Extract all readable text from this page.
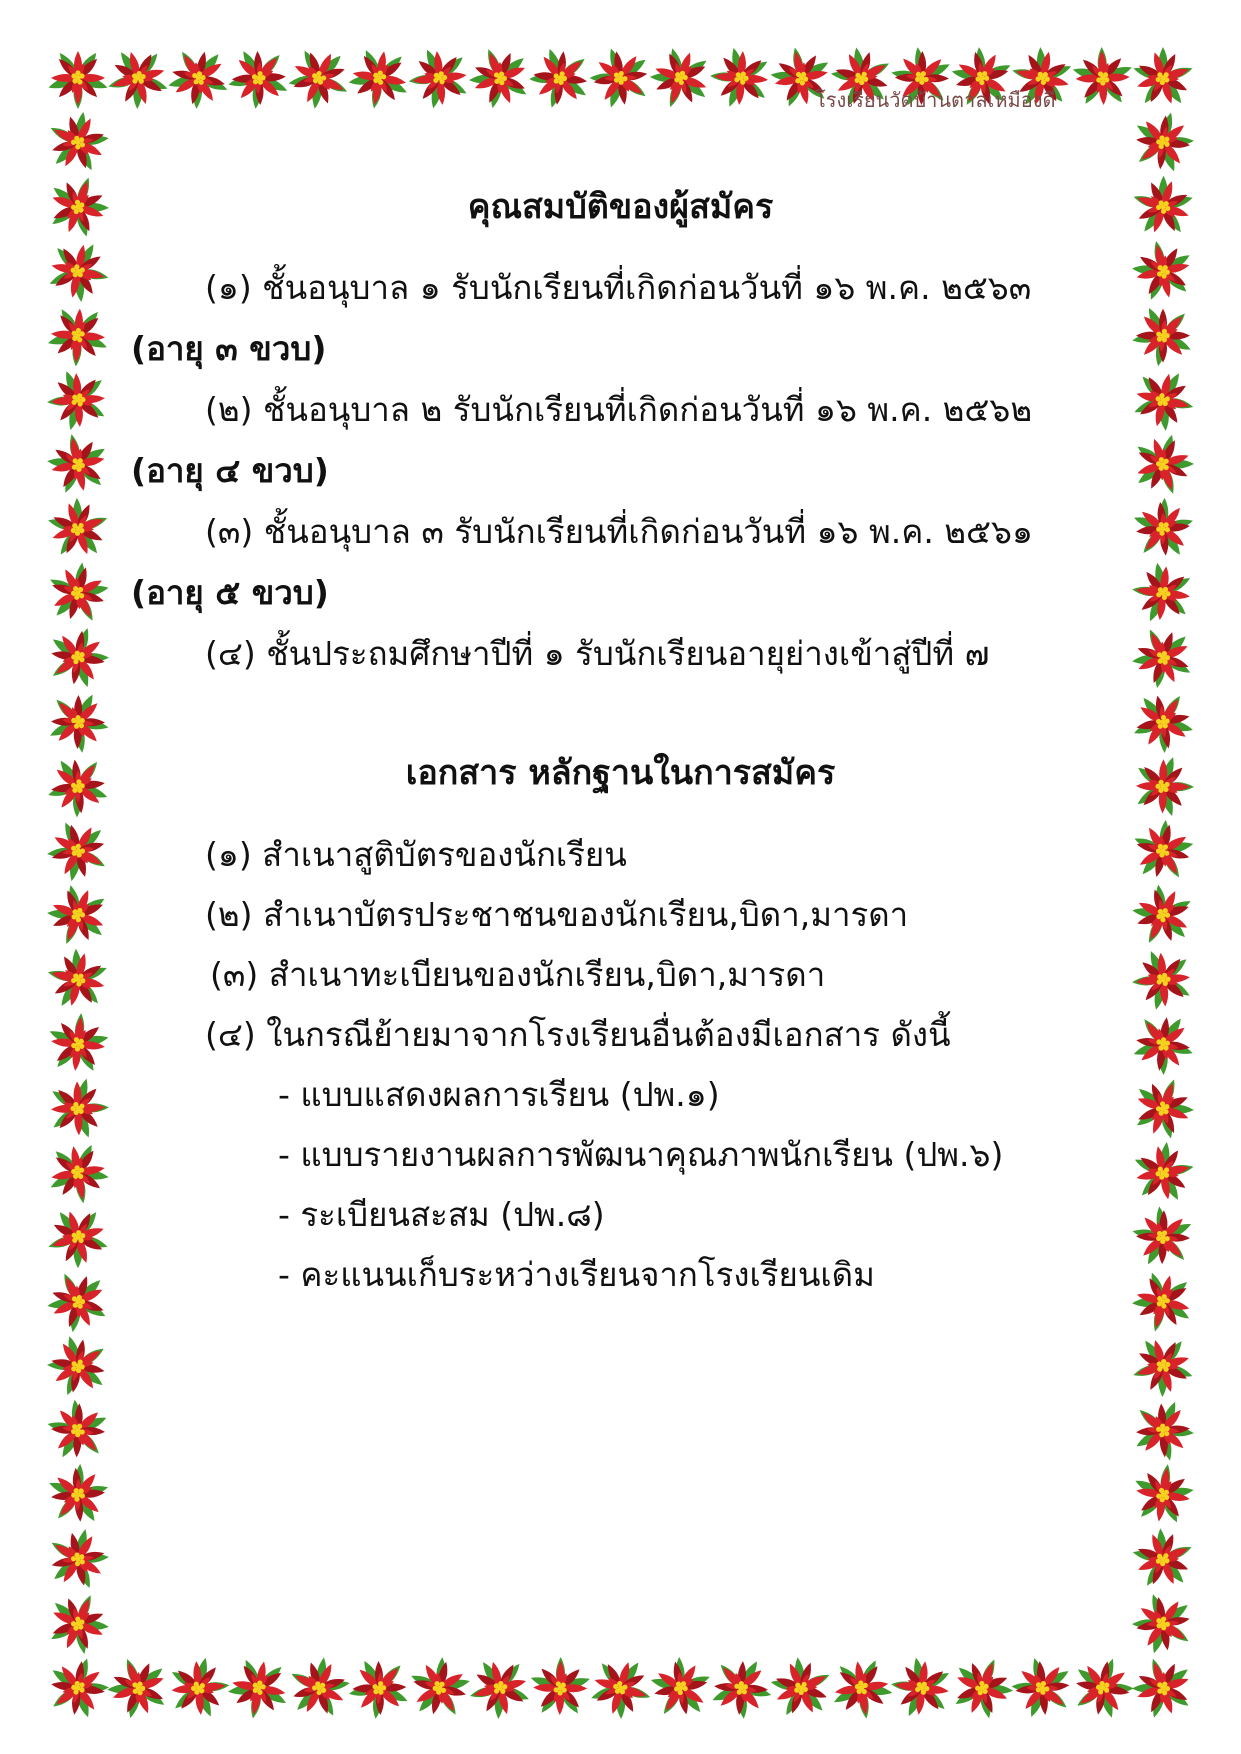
โรงเรียนวัดบ้านตาลเหมืองดี
คุณสมบัติของผู้สมัคร
(๑) ชั้นอนุบาล ๑ รับนักเรียนที่เกิดก่อนวันที่ ๑๖ พ.ค. ๒๕๖๓
(อายุ ๓ ขวบ)
(๒) ชั้นอนุบาล ๒ รับนักเรียนที่เกิดก่อนวันที่ ๑๖ พ.ค. ๒๕๖๒
(อายุ ๔ ขวบ)
(๓) ชั้นอนุบาล ๓ รับนักเรียนที่เกิดก่อนวันที่ ๑๖ พ.ค. ๒๕๖๑
(อายุ ๕ ขวบ)
(๔) ชั้นประถมศึกษาปีที่ ๑ รับนักเรียนอายุย่างเข้าสู่ปีที่ ๗
เอกสาร หลักฐานในการสมัคร
(๑) สำเนาสูติบัตรของนักเรียน
(๒) สำเนาบัตรประชาชนของนักเรียน,บิดา,มารดา
(๓) สำเนาทะเบียนของนักเรียน,บิดา,มารดา
(๔) ในกรณีย้ายมาจากโรงเรียนอื่นต้องมีเอกสาร ดังนี้
- แบบแสดงผลการเรียน (ปพ.๑)
- แบบรายงานผลการพัฒนาคุณภาพนักเรียน (ปพ.๖)
- ระเบียนสะสม (ปพ.๘)
- คะแนนเก็บระหว่างเรียนจากโรงเรียนเดิม
